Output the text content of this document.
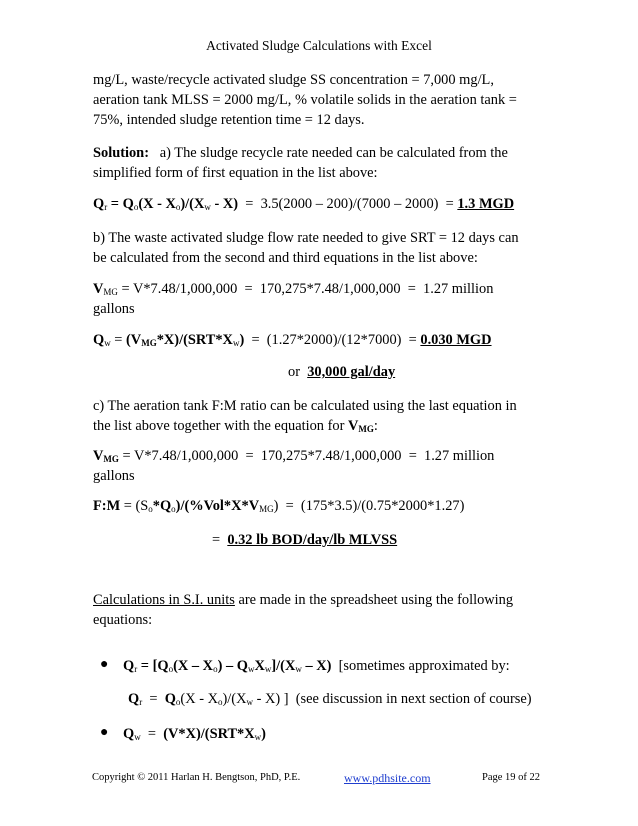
Activated Sludge Calculations with Excel
mg/L, waste/recycle activated sludge SS concentration = 7,000 mg/L,
aeration tank MLSS = 2000 mg/L, % volatile solids in the aeration tank =
75%, intended sludge retention time = 12 days.
Solution:   a) The sludge recycle rate needed can be calculated from the
simplified form of first equation in the list above:
$Q_r = Q_o(X - X_o)/(X_w - X) = 3.5(2000 - 200)/(7000 - 2000) = 1.3$ MGD
b) The waste activated sludge flow rate needed to give SRT = 12 days can
be calculated from the second and third equations in the list above:
$V_{MG} = V*7.48/1,000,000 = 170,275*7.48/1,000,000 = 1.27$ million
gallons
$Q_w = (V_{MG}*X)/(SRT*X_w) = (1.27*2000)/(12*7000) = 0.030$ MGD
or  30,000 gal/day
c) The aeration tank F:M ratio can be calculated using the last equation in
the list above together with the equation for $V_{MG}$:
$V_{MG} = V*7.48/1,000,000 = 170,275*7.48/1,000,000 = 1.27$ million
gallons
F:M = $(S_o*Q_o)/(\%Vol*X*V_{MG}) = (175*3.5)/(0.75*2000*1.27)$
=  0.32 lb BOD/day/lb MLVSS
Calculations in S.I. units are made in the spreadsheet using the following
equations:
● $Q_r = [Q_o(X - X_o) - Q_wX_w]/(X_w - X)$  [sometimes approximated by:
$Q_r = Q_o(X - X_o)/(X_w - X)$ ]  (see discussion in next section of course)
● $Q_w = (V*X)/(SRT*X_w)$
Copyright © 2011 Harlan H. Bengtson, PhD, P.E.	www.pdhsite.com	Page 19 of 22
